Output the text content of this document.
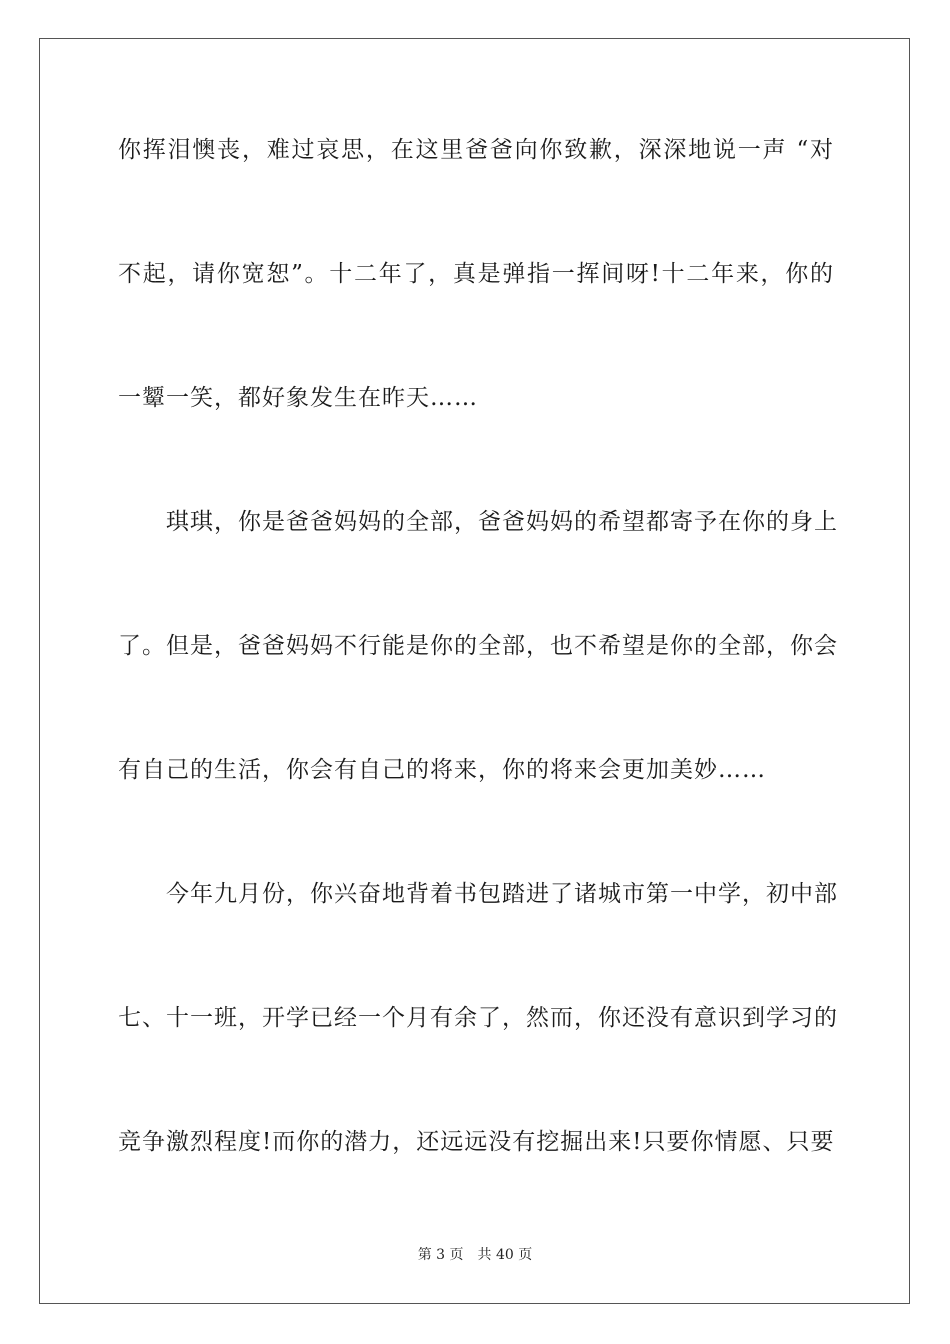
你挥泪懊丧，难过哀思，在这里爸爸向你致歉，深深地说一声 “对
不起，请你宽恕”。十二年了，真是弹指一挥间呀!十二年来，你的
一颦一笑，都好象发生在昨天……
琪琪，你是爸爸妈妈的全部，爸爸妈妈的希望都寄予在你的身上
了。但是，爸爸妈妈不行能是你的全部，也不希望是你的全部，你会
有自己的生活，你会有自己的将来，你的将来会更加美妙……
今年九月份，你兴奋地背着书包踏进了诸城市第一中学，初中部
七、十一班，开学已经一个月有余了，然而，你还没有意识到学习的
竞争激烈程度!而你的潜力，还远远没有挖掘出来!只要你情愿、只要
第 3 页 共 40 页
